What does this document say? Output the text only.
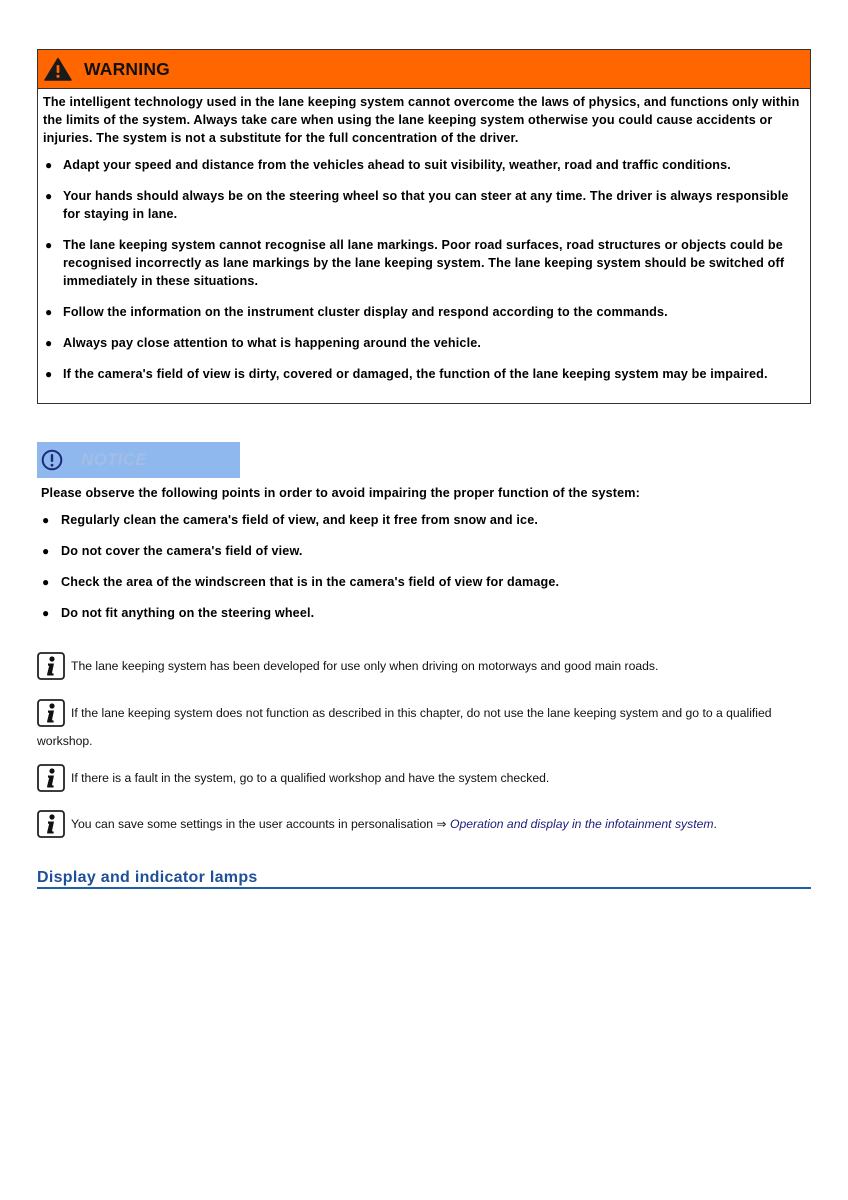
WARNING

The intelligent technology used in the lane keeping system cannot overcome the laws of physics, and functions only within the limits of the system. Always take care when using the lane keeping system otherwise you could cause accidents or injuries. The system is not a substitute for the full concentration of the driver.

● Adapt your speed and distance from the vehicles ahead to suit visibility, weather, road and traffic conditions.
● Your hands should always be on the steering wheel so that you can steer at any time. The driver is always responsible for staying in lane.
● The lane keeping system cannot recognise all lane markings. Poor road surfaces, road structures or objects could be recognised incorrectly as lane markings by the lane keeping system. The lane keeping system should be switched off immediately in these situations.
● Follow the information on the instrument cluster display and respond according to the commands.
● Always pay close attention to what is happening around the vehicle.
● If the camera's field of view is dirty, covered or damaged, the function of the lane keeping system may be impaired.
NOTICE

Please observe the following points in order to avoid impairing the proper function of the system:

● Regularly clean the camera's field of view, and keep it free from snow and ice.
● Do not cover the camera's field of view.
● Check the area of the windscreen that is in the camera's field of view for damage.
● Do not fit anything on the steering wheel.
The lane keeping system has been developed for use only when driving on motorways and good main roads.
If the lane keeping system does not function as described in this chapter, do not use the lane keeping system and go to a qualified workshop.
If there is a fault in the system, go to a qualified workshop and have the system checked.
You can save some settings in the user accounts in personalisation ⇒ Operation and display in the infotainment system.
Display and indicator lamps
